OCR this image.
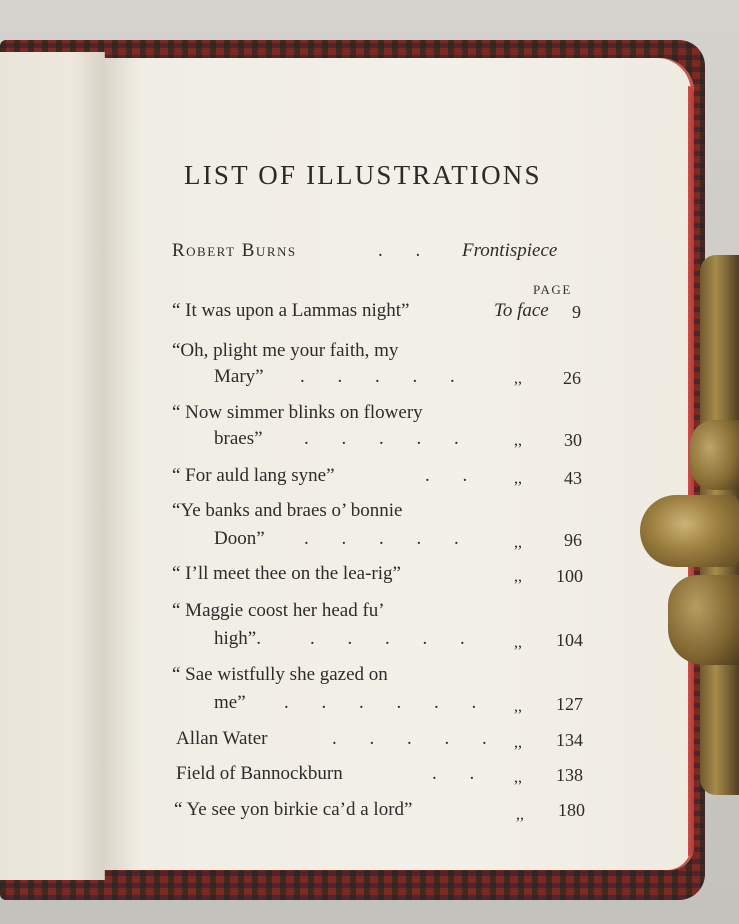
LIST OF ILLUSTRATIONS
Robert Burns	. . Frontispiece
PAGE
“ It was upon a Lammas night”	To face 9
“Oh, plight me your faith, my
Mary” . . . . .	,, 26
“ Now simmer blinks on flowery
braes” . . . . .	,, 30
“ For auld lang syne”	. . ,, 43
“Ye banks and braes o’ bonnie
Doon” . . . . .	,, 96
“ I’ll meet thee on the lea-rig”	,, 100
“ Maggie coost her head fu’
high”.	. . . . . ,, 104
“ Sae wistfully she gazed on
me” . . . . . . ,, 127
Allan Water	. . . . . ,, 134
Field of Bannockburn	. . ,, 138
“ Ye see yon birkie ca’d a lord”	,, 180
